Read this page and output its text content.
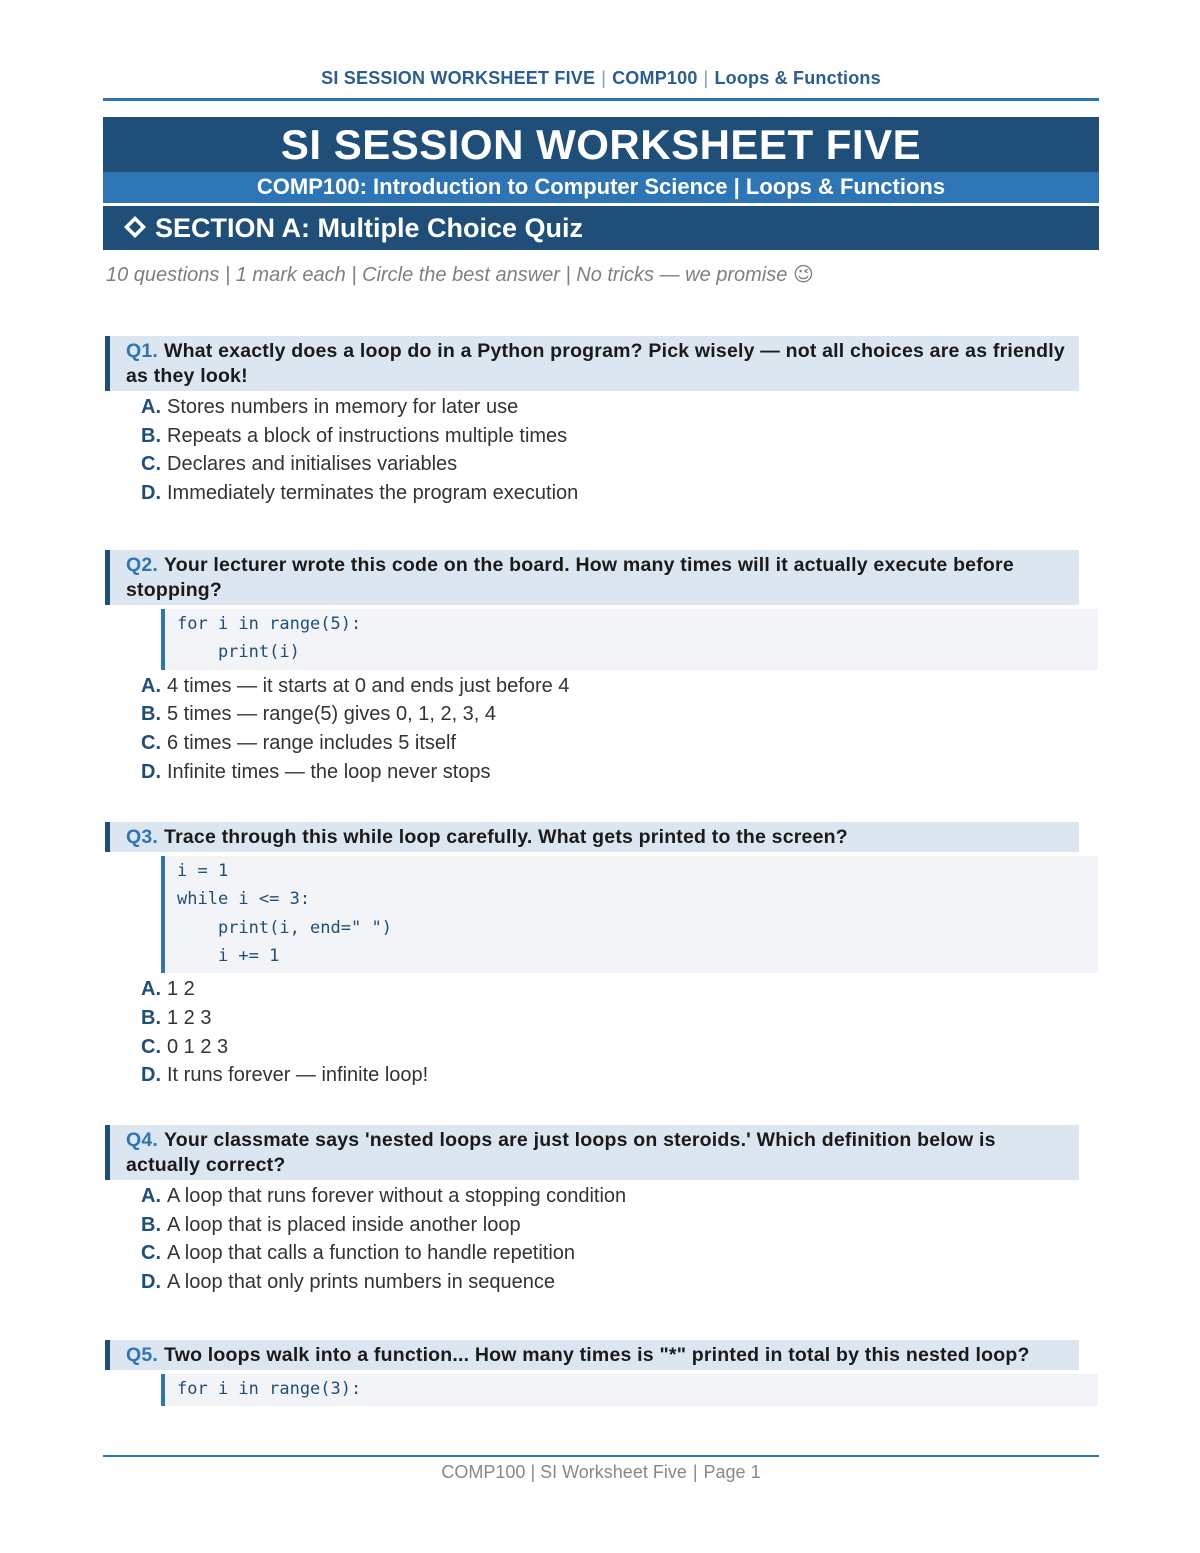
SI SESSION WORKSHEET FIVE | COMP100 | Loops & Functions
SI SESSION WORKSHEET FIVE
COMP100: Introduction to Computer Science | Loops & Functions
SECTION A: Multiple Choice Quiz
10 questions | 1 mark each | Circle the best answer | No tricks — we promise 😉
Q1. What exactly does a loop do in a Python program? Pick wisely — not all choices are as friendly as they look!
A. Stores numbers in memory for later use
B. Repeats a block of instructions multiple times
C. Declares and initialises variables
D. Immediately terminates the program execution
Q2. Your lecturer wrote this code on the board. How many times will it actually execute before stopping?
for i in range(5):
print(i)
A. 4 times — it starts at 0 and ends just before 4
B. 5 times — range(5) gives 0, 1, 2, 3, 4
C. 6 times — range includes 5 itself
D. Infinite times — the loop never stops
Q3. Trace through this while loop carefully. What gets printed to the screen?
i = 1
while i <= 3:
print(i, end=" ")
i += 1
A. 1 2
B. 1 2 3
C. 0 1 2 3
D. It runs forever — infinite loop!
Q4. Your classmate says 'nested loops are just loops on steroids.' Which definition below is actually correct?
A. A loop that runs forever without a stopping condition
B. A loop that is placed inside another loop
C. A loop that calls a function to handle repetition
D. A loop that only prints numbers in sequence
Q5. Two loops walk into a function... How many times is "*" printed in total by this nested loop?
for i in range(3):
COMP100 | SI Worksheet Five | Page 1
